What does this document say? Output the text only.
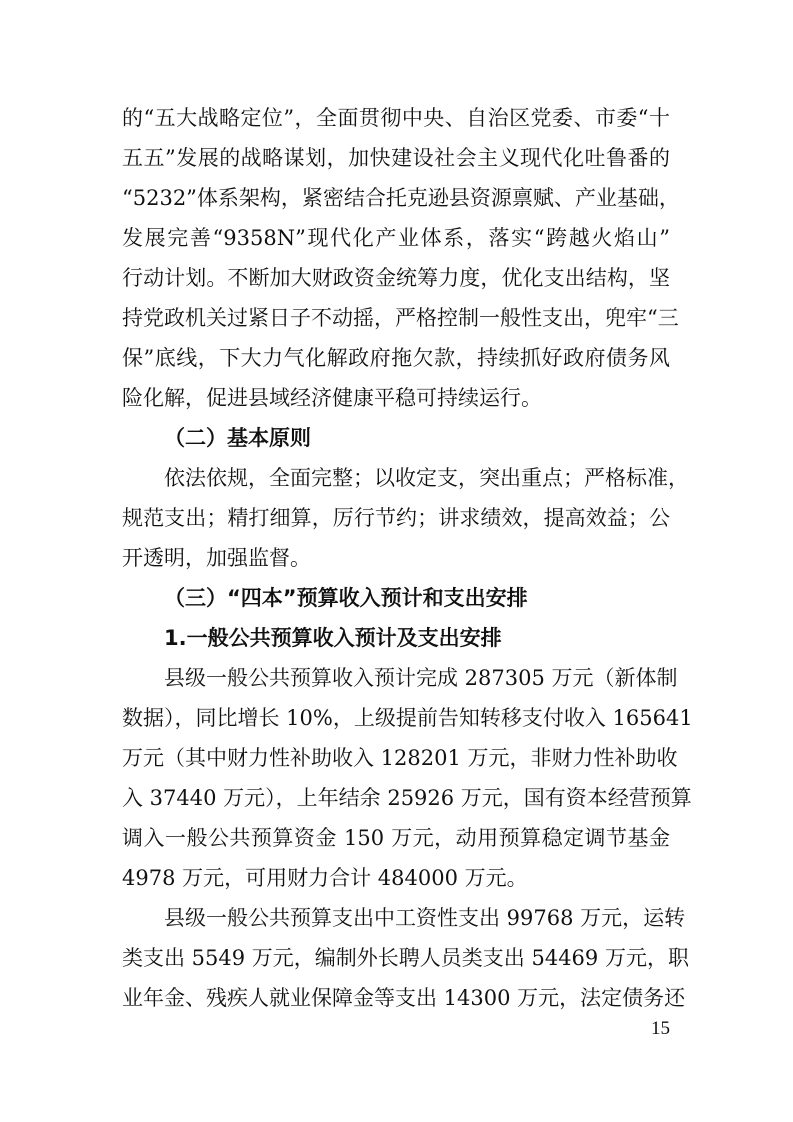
的“五大战略定位”，全面贯彻中央、自治区党委、市委“十
五五”发展的战略谋划，加快建设社会主义现代化吐鲁番的
“5232”体系架构，紧密结合托克逊县资源禀赋、产业基础，
发展完善“9358N”现代化产业体系，落实“跨越火焰山”
行动计划。不断加大财政资金统筹力度，优化支出结构，坚
持党政机关过紧日子不动摇，严格控制一般性支出，兜牢“三
保”底线，下大力气化解政府拖欠款，持续抓好政府债务风
险化解，促进县域经济健康平稳可持续运行。
（二）基本原则
依法依规，全面完整；以收定支，突出重点；严格标准，
规范支出；精打细算，厉行节约；讲求绩效，提高效益；公
开透明，加强监督。
（三）“四本”预算收入预计和支出安排
1.一般公共预算收入预计及支出安排
县级一般公共预算收入预计完成 287305 万元（新体制
数据），同比增长 10%，上级提前告知转移支付收入 165641
万元（其中财力性补助收入 128201 万元，非财力性补助收
入 37440 万元），上年结余 25926 万元，国有资本经营预算
调入一般公共预算资金 150 万元，动用预算稳定调节基金
4978 万元，可用财力合计 484000 万元。
县级一般公共预算支出中工资性支出 99768 万元，运转
类支出 5549 万元，编制外长聘人员类支出 54469 万元，职
业年金、残疾人就业保障金等支出 14300 万元，法定债务还
15
